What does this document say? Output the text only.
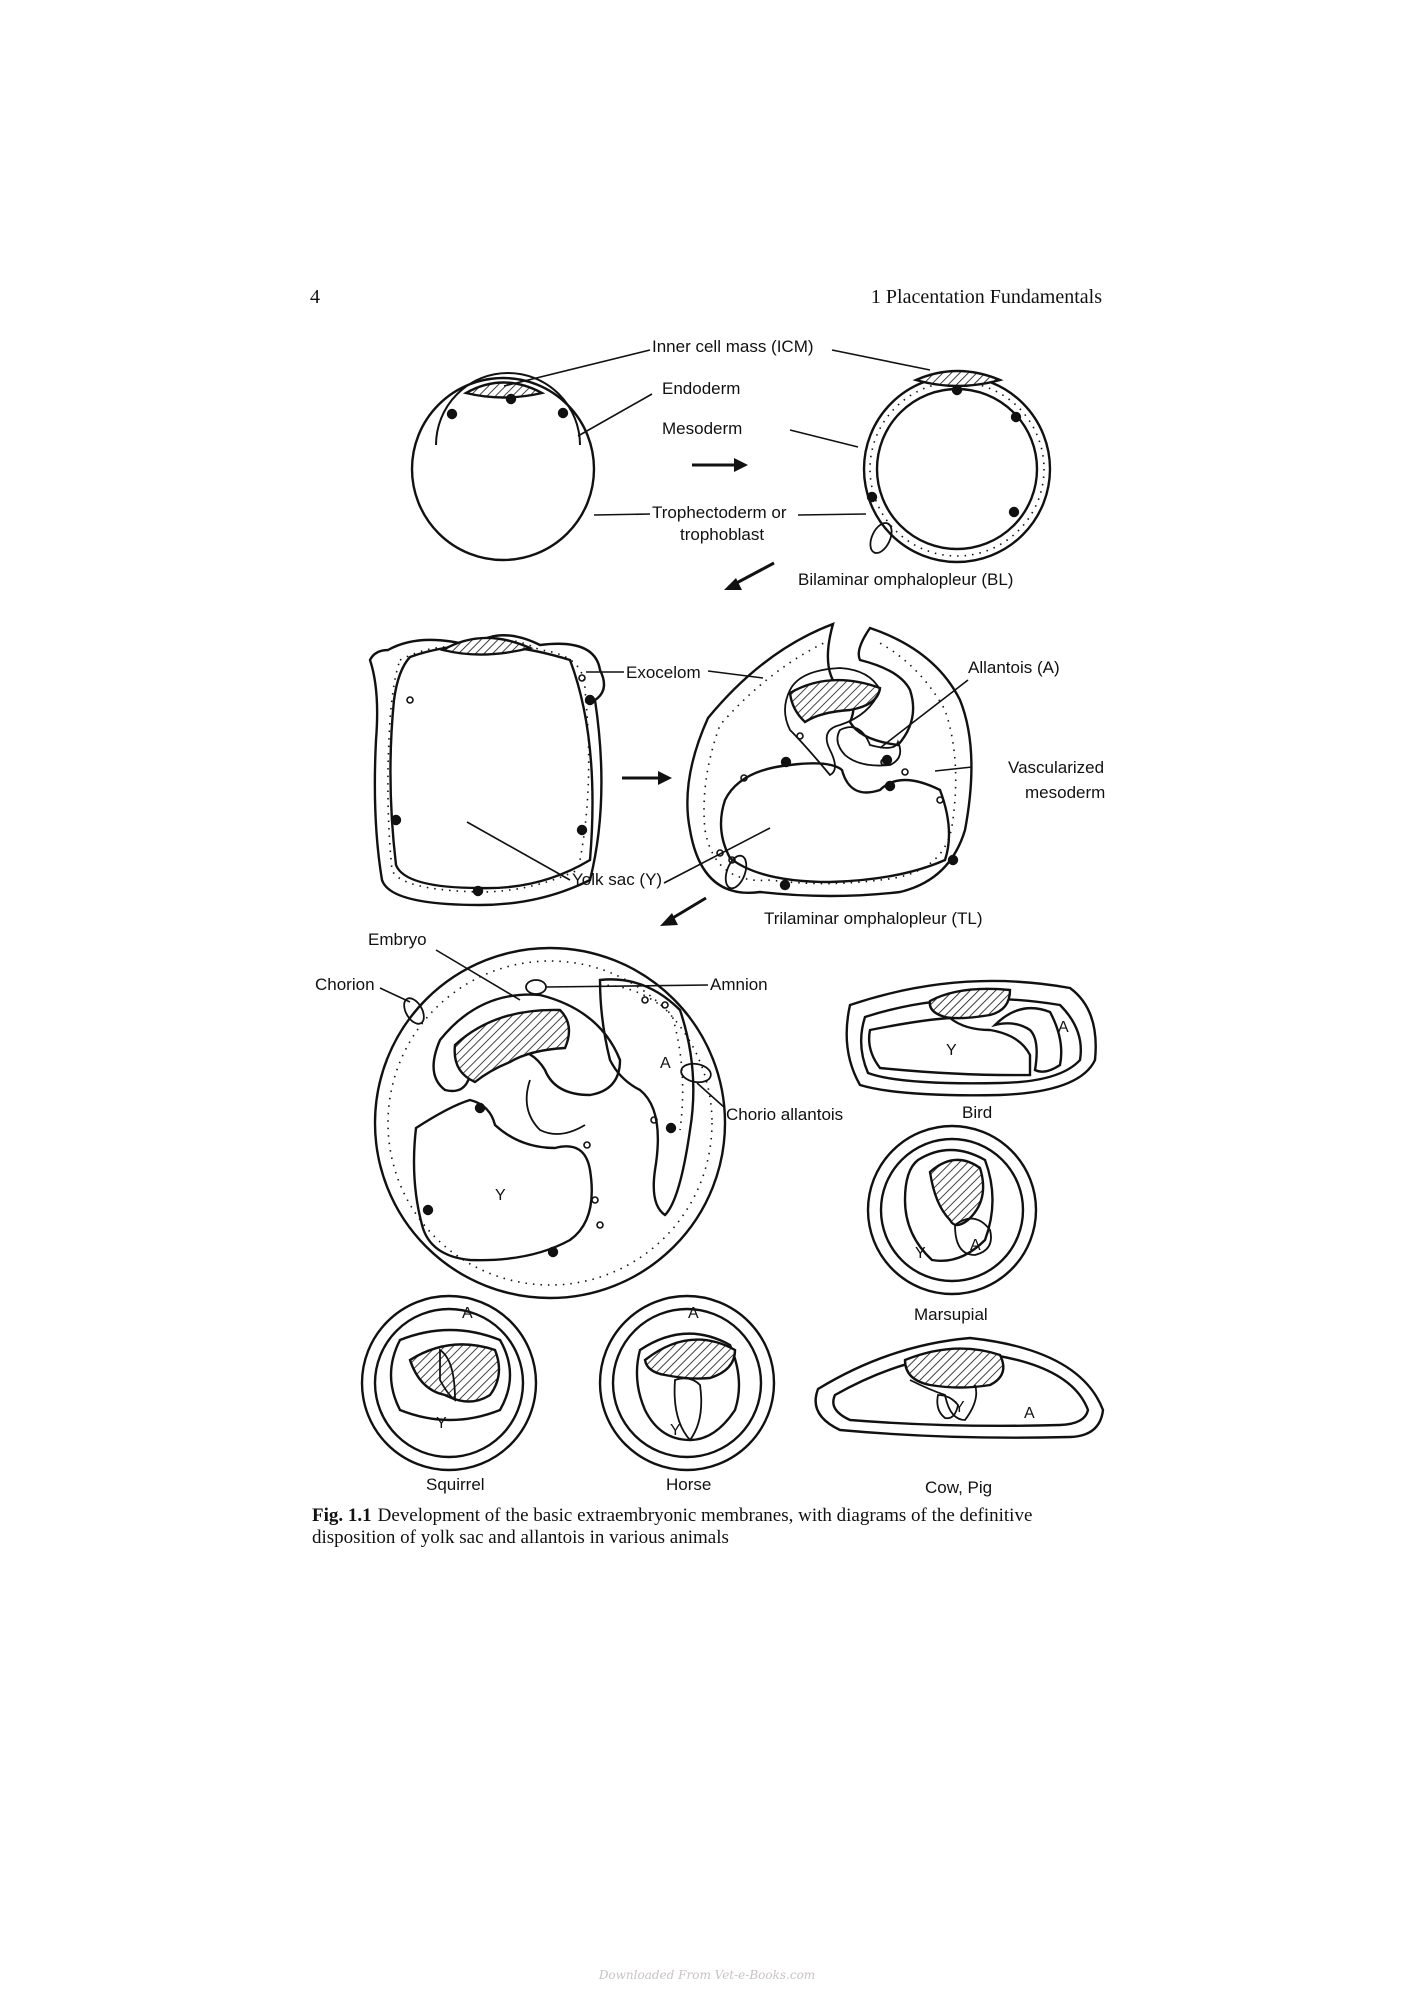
4	1 Placentation Fundamentals
Inner cell mass (ICM)
Endoderm
Mesoderm
Trophectoderm or
trophoblast
Bilaminar omphalopleur (BL)
Exocelom	Allantois (A)
Vascularized
mesoderm
Yolk sac (Y)
Trilaminar omphalopleur (TL)
Embryo
Chorion	Amnion
Chorio allantois
A
Y
A
Y
A
Y
A
Y
A
Y
A
Y
Bird
Marsupial
Squirrel	Horse	Cow, Pig
Fig. 1.1 Development of the basic extraembryonic membranes, with diagrams of the definitive disposition of yolk sac and allantois in various animals
Downloaded From Vet-e-Books.com
